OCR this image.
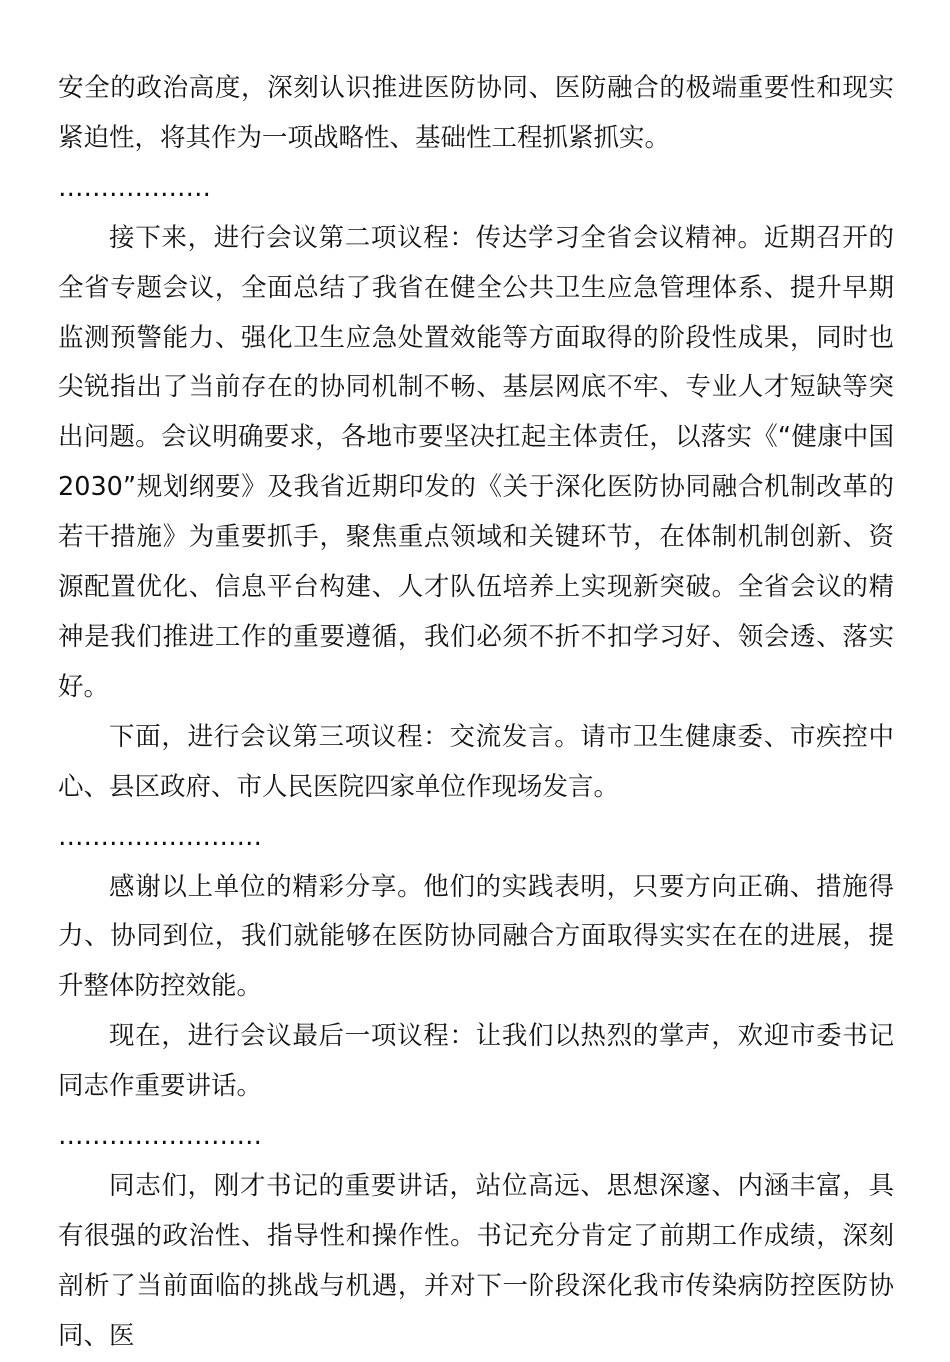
安全的政治高度，深刻认识推进医防协同、医防融合的极端重要性和现实紧迫性，将其作为一项战略性、基础性工程抓紧抓实。

………………

接下来，进行会议第二项议程：传达学习全省会议精神。近期召开的全省专题会议，全面总结了我省在健全公共卫生应急管理体系、提升早期监测预警能力、强化卫生应急处置效能等方面取得的阶段性成果，同时也尖锐指出了当前存在的协同机制不畅、基层网底不牢、专业人才短缺等突出问题。会议明确要求，各地市要坚决扛起主体责任，以落实《“健康中国2030”规划纲要》及我省近期印发的《关于深化医防协同融合机制改革的若干措施》为重要抓手，聚焦重点领域和关键环节，在体制机制创新、资源配置优化、信息平台构建、人才队伍培养上实现新突破。全省会议的精神是我们推进工作的重要遵循，我们必须不折不扣学习好、领会透、落实好。

下面，进行会议第三项议程：交流发言。请市卫生健康委、市疾控中心、县区政府、市人民医院四家单位作现场发言。

……………………

感谢以上单位的精彩分享。他们的实践表明，只要方向正确、措施得力、协同到位，我们就能够在医防协同融合方面取得实实在在的进展，提升整体防控效能。

现在，进行会议最后一项议程：让我们以热烈的掌声，欢迎市委书记同志作重要讲话。

……………………

同志们，刚才书记的重要讲话，站位高远、思想深邃、内涵丰富，具有很强的政治性、指导性和操作性。书记充分肯定了前期工作成绩，深刻剖析了当前面临的挑战与机遇，并对下一阶段深化我市传染病防控医防协同、医
